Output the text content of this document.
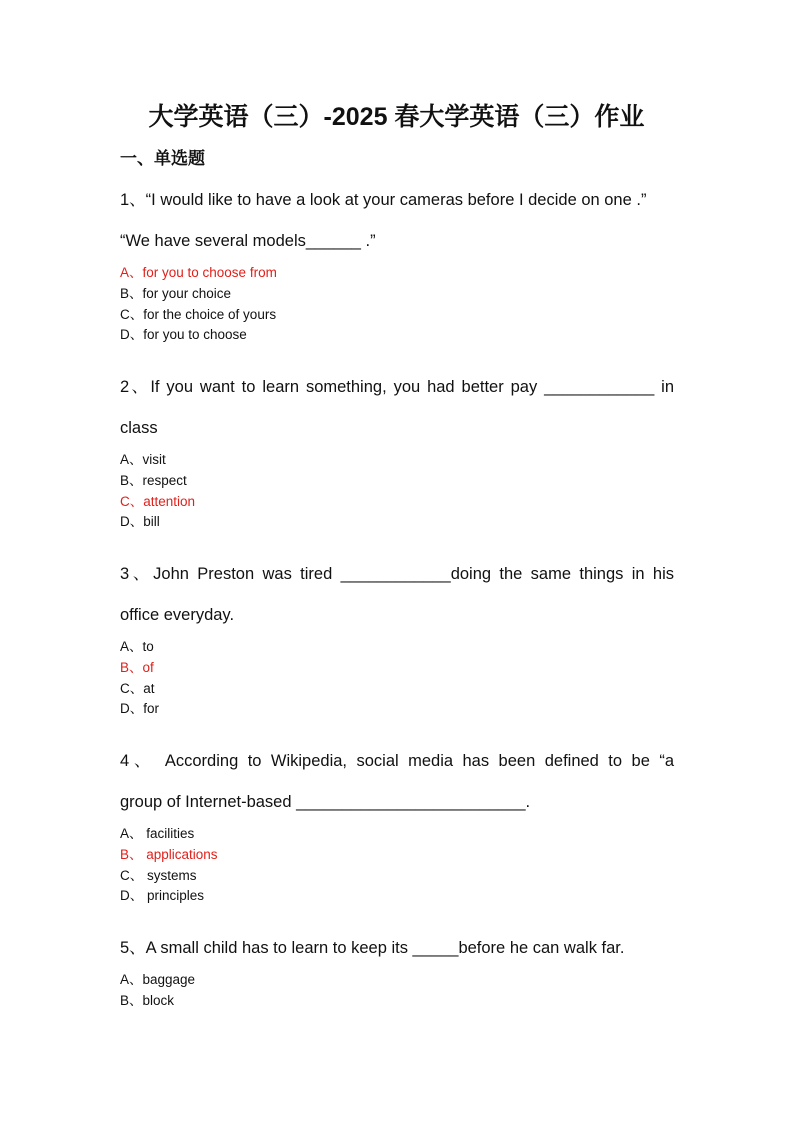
大学英语（三）-2025 春大学英语（三）作业
一、单选题
1、“I would like to have a look at your cameras before I decide on one .”
“We have several models______ .”
A、for you to choose from
B、for your choice
C、for the choice of yours
D、for you to choose
2、If you want to learn something, you had better pay ____________ in
class
A、visit
B、respect
C、attention
D、bill
3、John Preston was tired ____________doing the same things in his
office everyday.
A、to
B、of
C、at
D、for
4、 According to Wikipedia, social media has been defined to be “a
group of Internet-based _________________________.
A、 facilities
B、 applications
C、 systems
D、 principles
5、A small child has to learn to keep its _____before he can walk far.
A、baggage
B、block
